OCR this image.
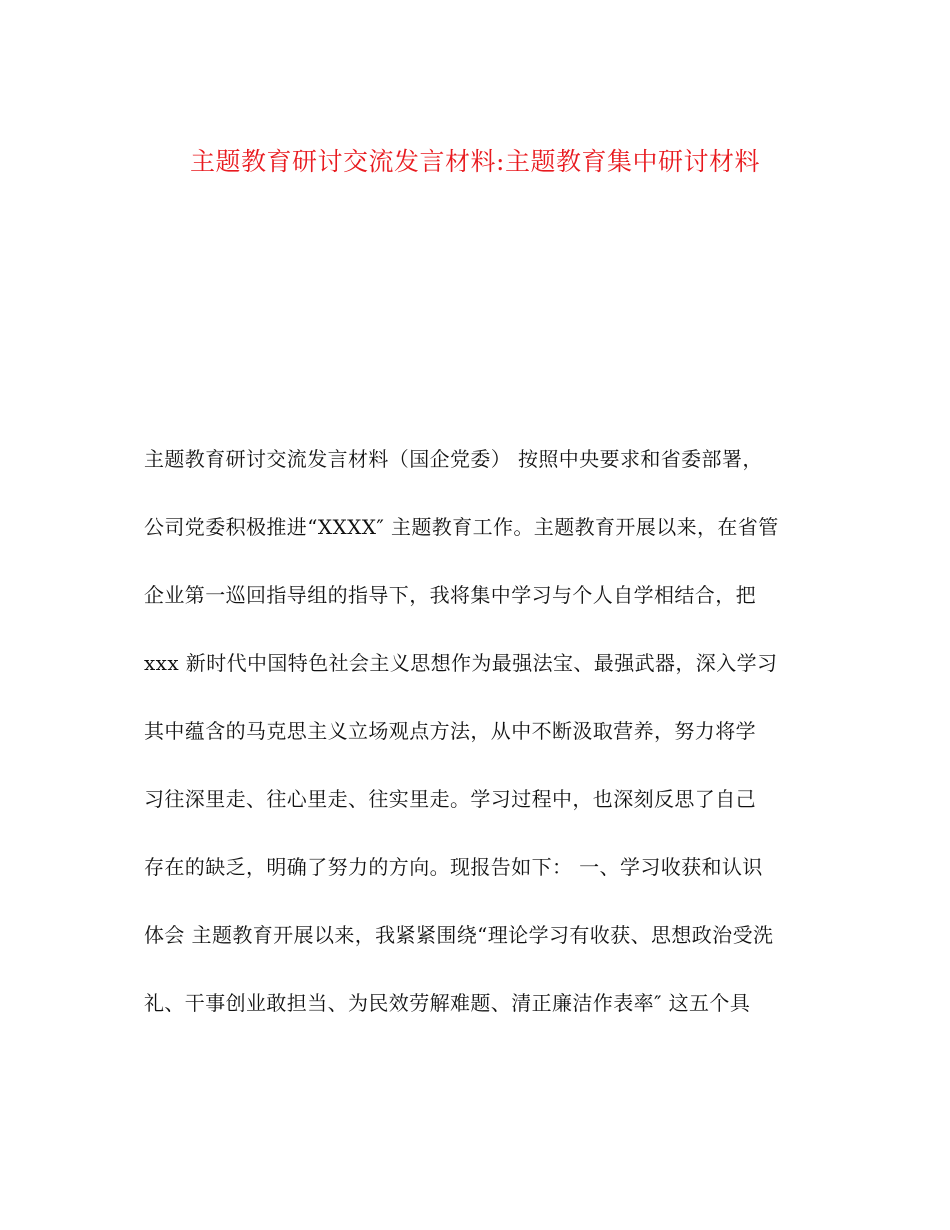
主题教育研讨交流发言材料:主题教育集中研讨材料
主题教育研讨交流发言材料（国企党委） 按照中央要求和省委部署，
公司党委积极推进“XXXX″ 主题教育工作。主题教育开展以来，在省管
企业第一巡回指导组的指导下，我将集中学习与个人自学相结合，把
xxx 新时代中国特色社会主义思想作为最强法宝、最强武器，深入学习
其中蕴含的马克思主义立场观点方法，从中不断汲取营养，努力将学
习往深里走、往心里走、往实里走。学习过程中，也深刻反思了自己
存在的缺乏，明确了努力的方向。现报告如下： 一、学习收获和认识
体会 主题教育开展以来，我紧紧围绕“理论学习有收获、思想政治受洗
礼、干事创业敢担当、为民效劳解难题、清正廉洁作表率″ 这五个具
